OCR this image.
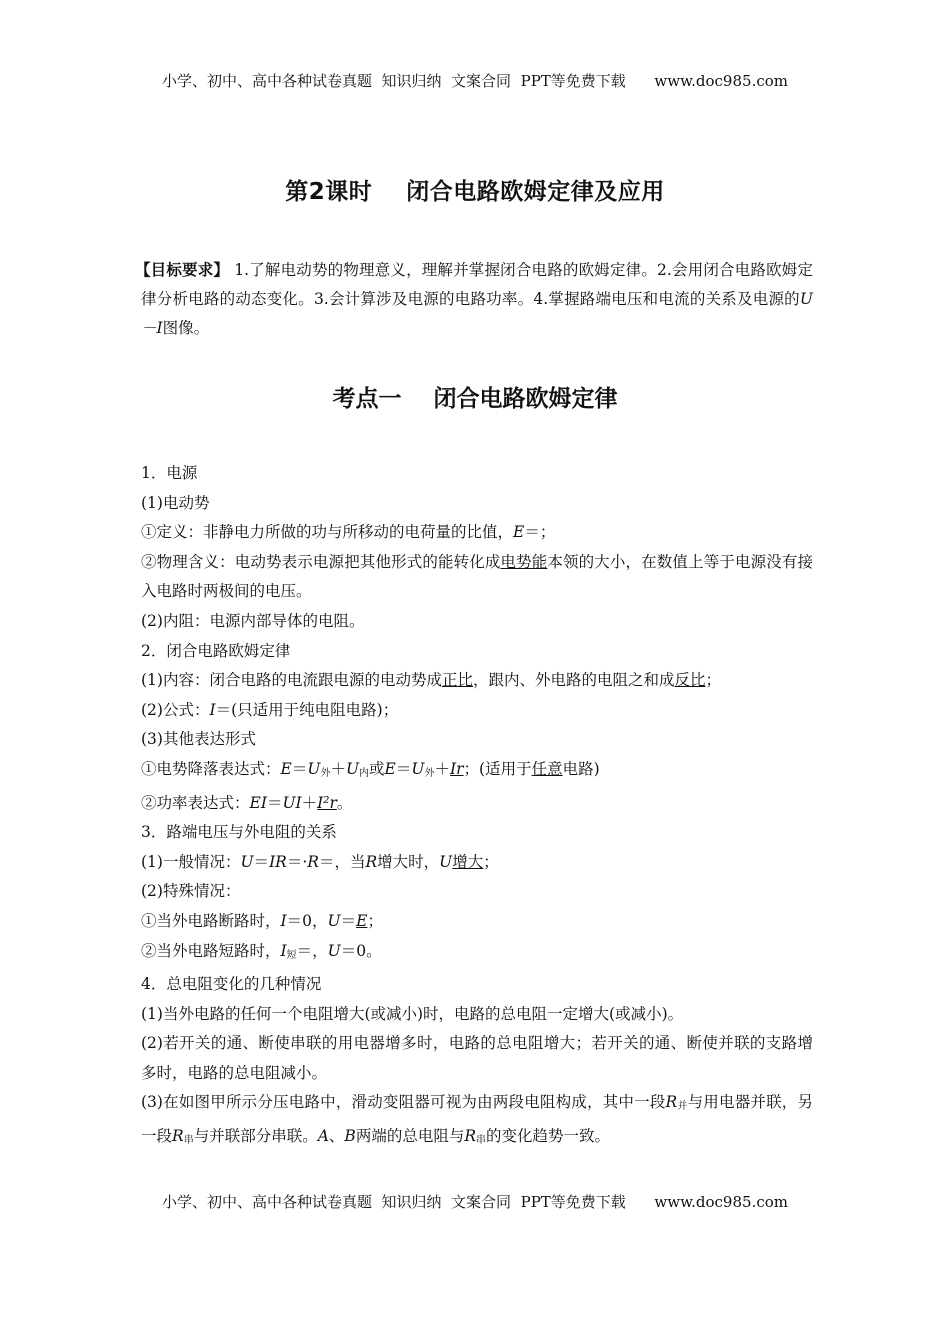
小学、初中、高中各种试卷真题  知识归纳  文案合同  PPT等免费下载      www.doc985.com
第2课时    闭合电路欧姆定律及应用
【目标要求】 1.了解电动势的物理意义，理解并掌握闭合电路的欧姆定律。2.会用闭合电路欧姆定律分析电路的动态变化。3.会计算涉及电源的电路功率。4.掌握路端电压和电流的关系及电源的U－I图像。
考点一    闭合电路欧姆定律

1．电源

(1)电动势

①定义：非静电力所做的功与所移动的电荷量的比值，E＝；

②物理含义：电动势表示电源把其他形式的能转化成电势能本领的大小，在数值上等于电源没有接入电路时两极间的电压。

(2)内阻：电源内部导体的电阻。

2．闭合电路欧姆定律

(1)内容：闭合电路的电流跟电源的电动势成正比，跟内、外电路的电阻之和成反比；

(2)公式：I＝(只适用于纯电阻电路)；

(3)其他表达形式

①电势降落表达式：$E=U_外+U_内$或$E=U_外+Ir$；(适用于任意电路)

②功率表达式：EI＝UI＋I²r。

3．路端电压与外电阻的关系

(1)一般情况：U＝IR＝·R＝，当R增大时，U增大；

(2)特殊情况：

①当外电路断路时，I＝0，U＝E；

②当外电路短路时，$I_短=$，U＝0。

4．总电阻变化的几种情况

(1)当外电路的任何一个电阻增大(或减小)时，电路的总电阻一定增大(或减小)。

(2)若开关的通、断使串联的用电器增多时，电路的总电阻增大；若开关的通、断使并联的支路增多时，电路的总电阻减小。

(3)在如图甲所示分压电路中，滑动变阻器可视为由两段电阻构成，其中一段$R_并$与用电器并联，另一段$R_串$与并联部分串联。A、B两端的总电阻与$R_串$的变化趋势一致。

小学、初中、高中各种试卷真题  知识归纳  文案合同  PPT等免费下载      www.doc985.com
